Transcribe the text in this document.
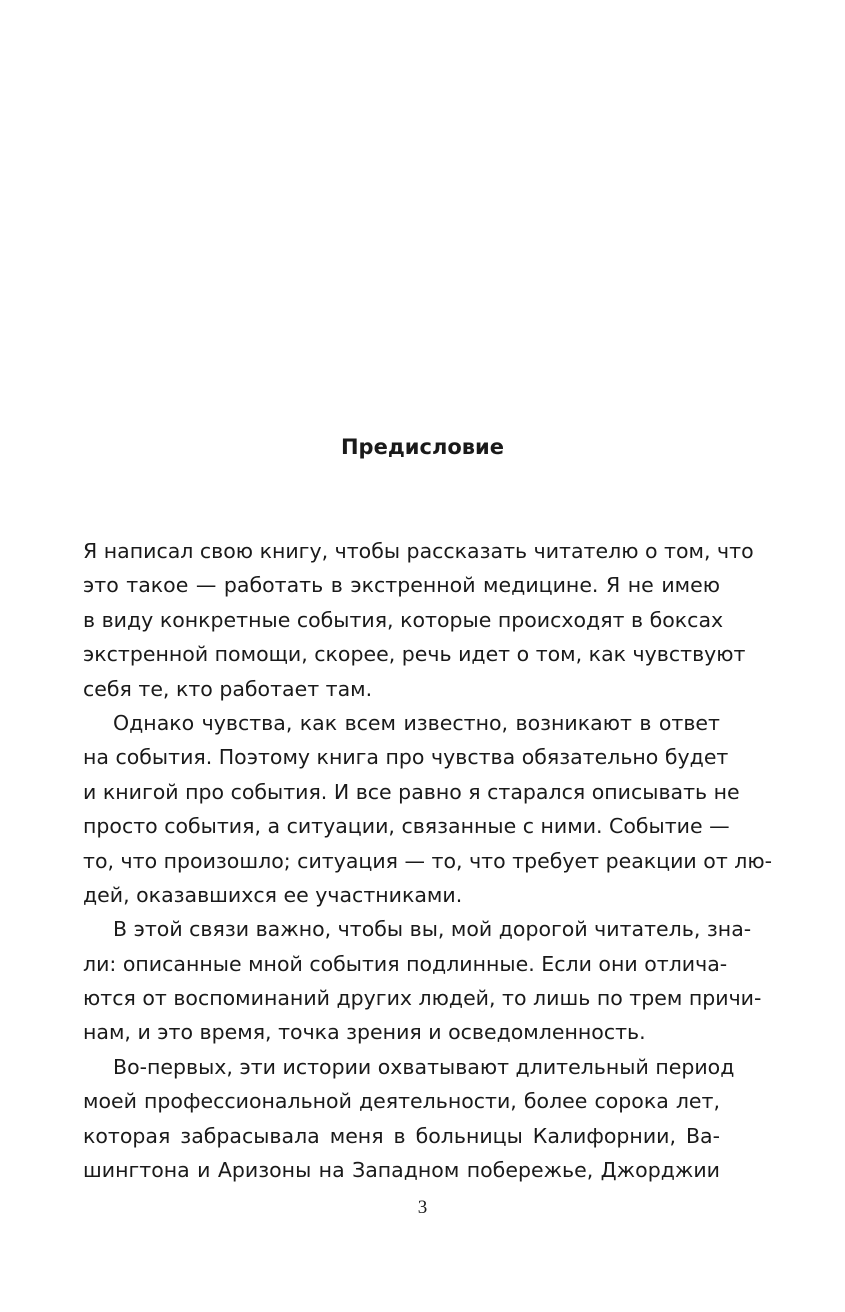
Предисловие
Я написал свою книгу, чтобы рассказать читателю о том, что
это такое — работать в экстренной медицине. Я не имею
в виду конкретные события, которые происходят в боксах
экстренной помощи, скорее, речь идет о том, как чувствуют
себя те, кто работает там.
Однако чувства, как всем известно, возникают в ответ
на события. Поэтому книга про чувства обязательно будет
и книгой про события. И все равно я старался описывать не
просто события, а ситуации, связанные с ними. Событие —
то, что произошло; ситуация — то, что требует реакции от лю-
дей, оказавшихся ее участниками.
В этой связи важно, чтобы вы, мой дорогой читатель, зна-
ли: описанные мной события подлинные. Если они отлича-
ются от воспоминаний других людей, то лишь по трем причи-
нам, и это время, точка зрения и осведомленность.
Во-первых, эти истории охватывают длительный период
моей профессиональной деятельности, более сорока лет,
которая забрасывала меня в больницы Калифорнии, Ва-
шингтона и Аризоны на Западном побережье, Джорджии
3
